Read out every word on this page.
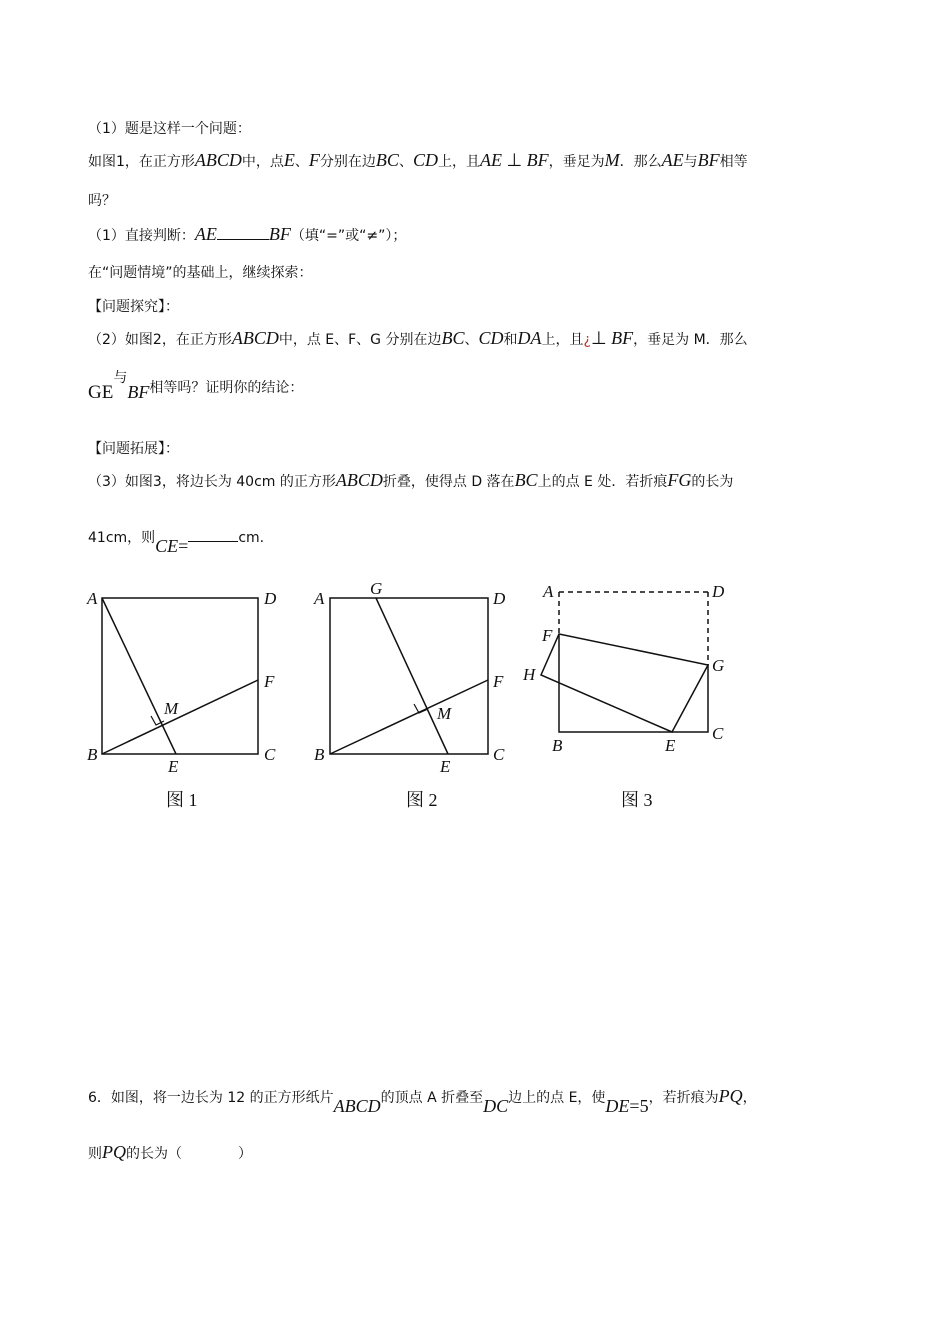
（1）题是这样一个问题：
如图1，在正方形ABCD中，点E、F分别在边BC、CD上，且AE ⊥ BF，垂足为M．那么AE与BF相等
吗？
（1）直接判断：AE	BF（填“=”或“≠”）；
在“问题情境”的基础上，继续探索：
【问题探究】：
（2）如图2，在正方形ABCD中，点 E、F、G 分别在边BC、CD和DA上，且¿⊥ BF，垂足为 M．那么
GE与BF相等吗？证明你的结论：
【问题拓展】：
（3）如图3，将边长为 40cm 的正方形ABCD折叠，使得点 D 落在BC上的点 E 处．若折痕FG的长为
41cm，则CE=	cm.
A	D
B	C
E
F
M
图 1
A
G
D
B	C
E
F
M
图 2
A	D
F
G
H
B	E
C
图 3
6．如图，将一边长为 12 的正方形纸片ABCD的顶点 A 折叠至DC边上的点 E，使DE=5，若折痕为PQ，
则PQ的长为（　　　　）
